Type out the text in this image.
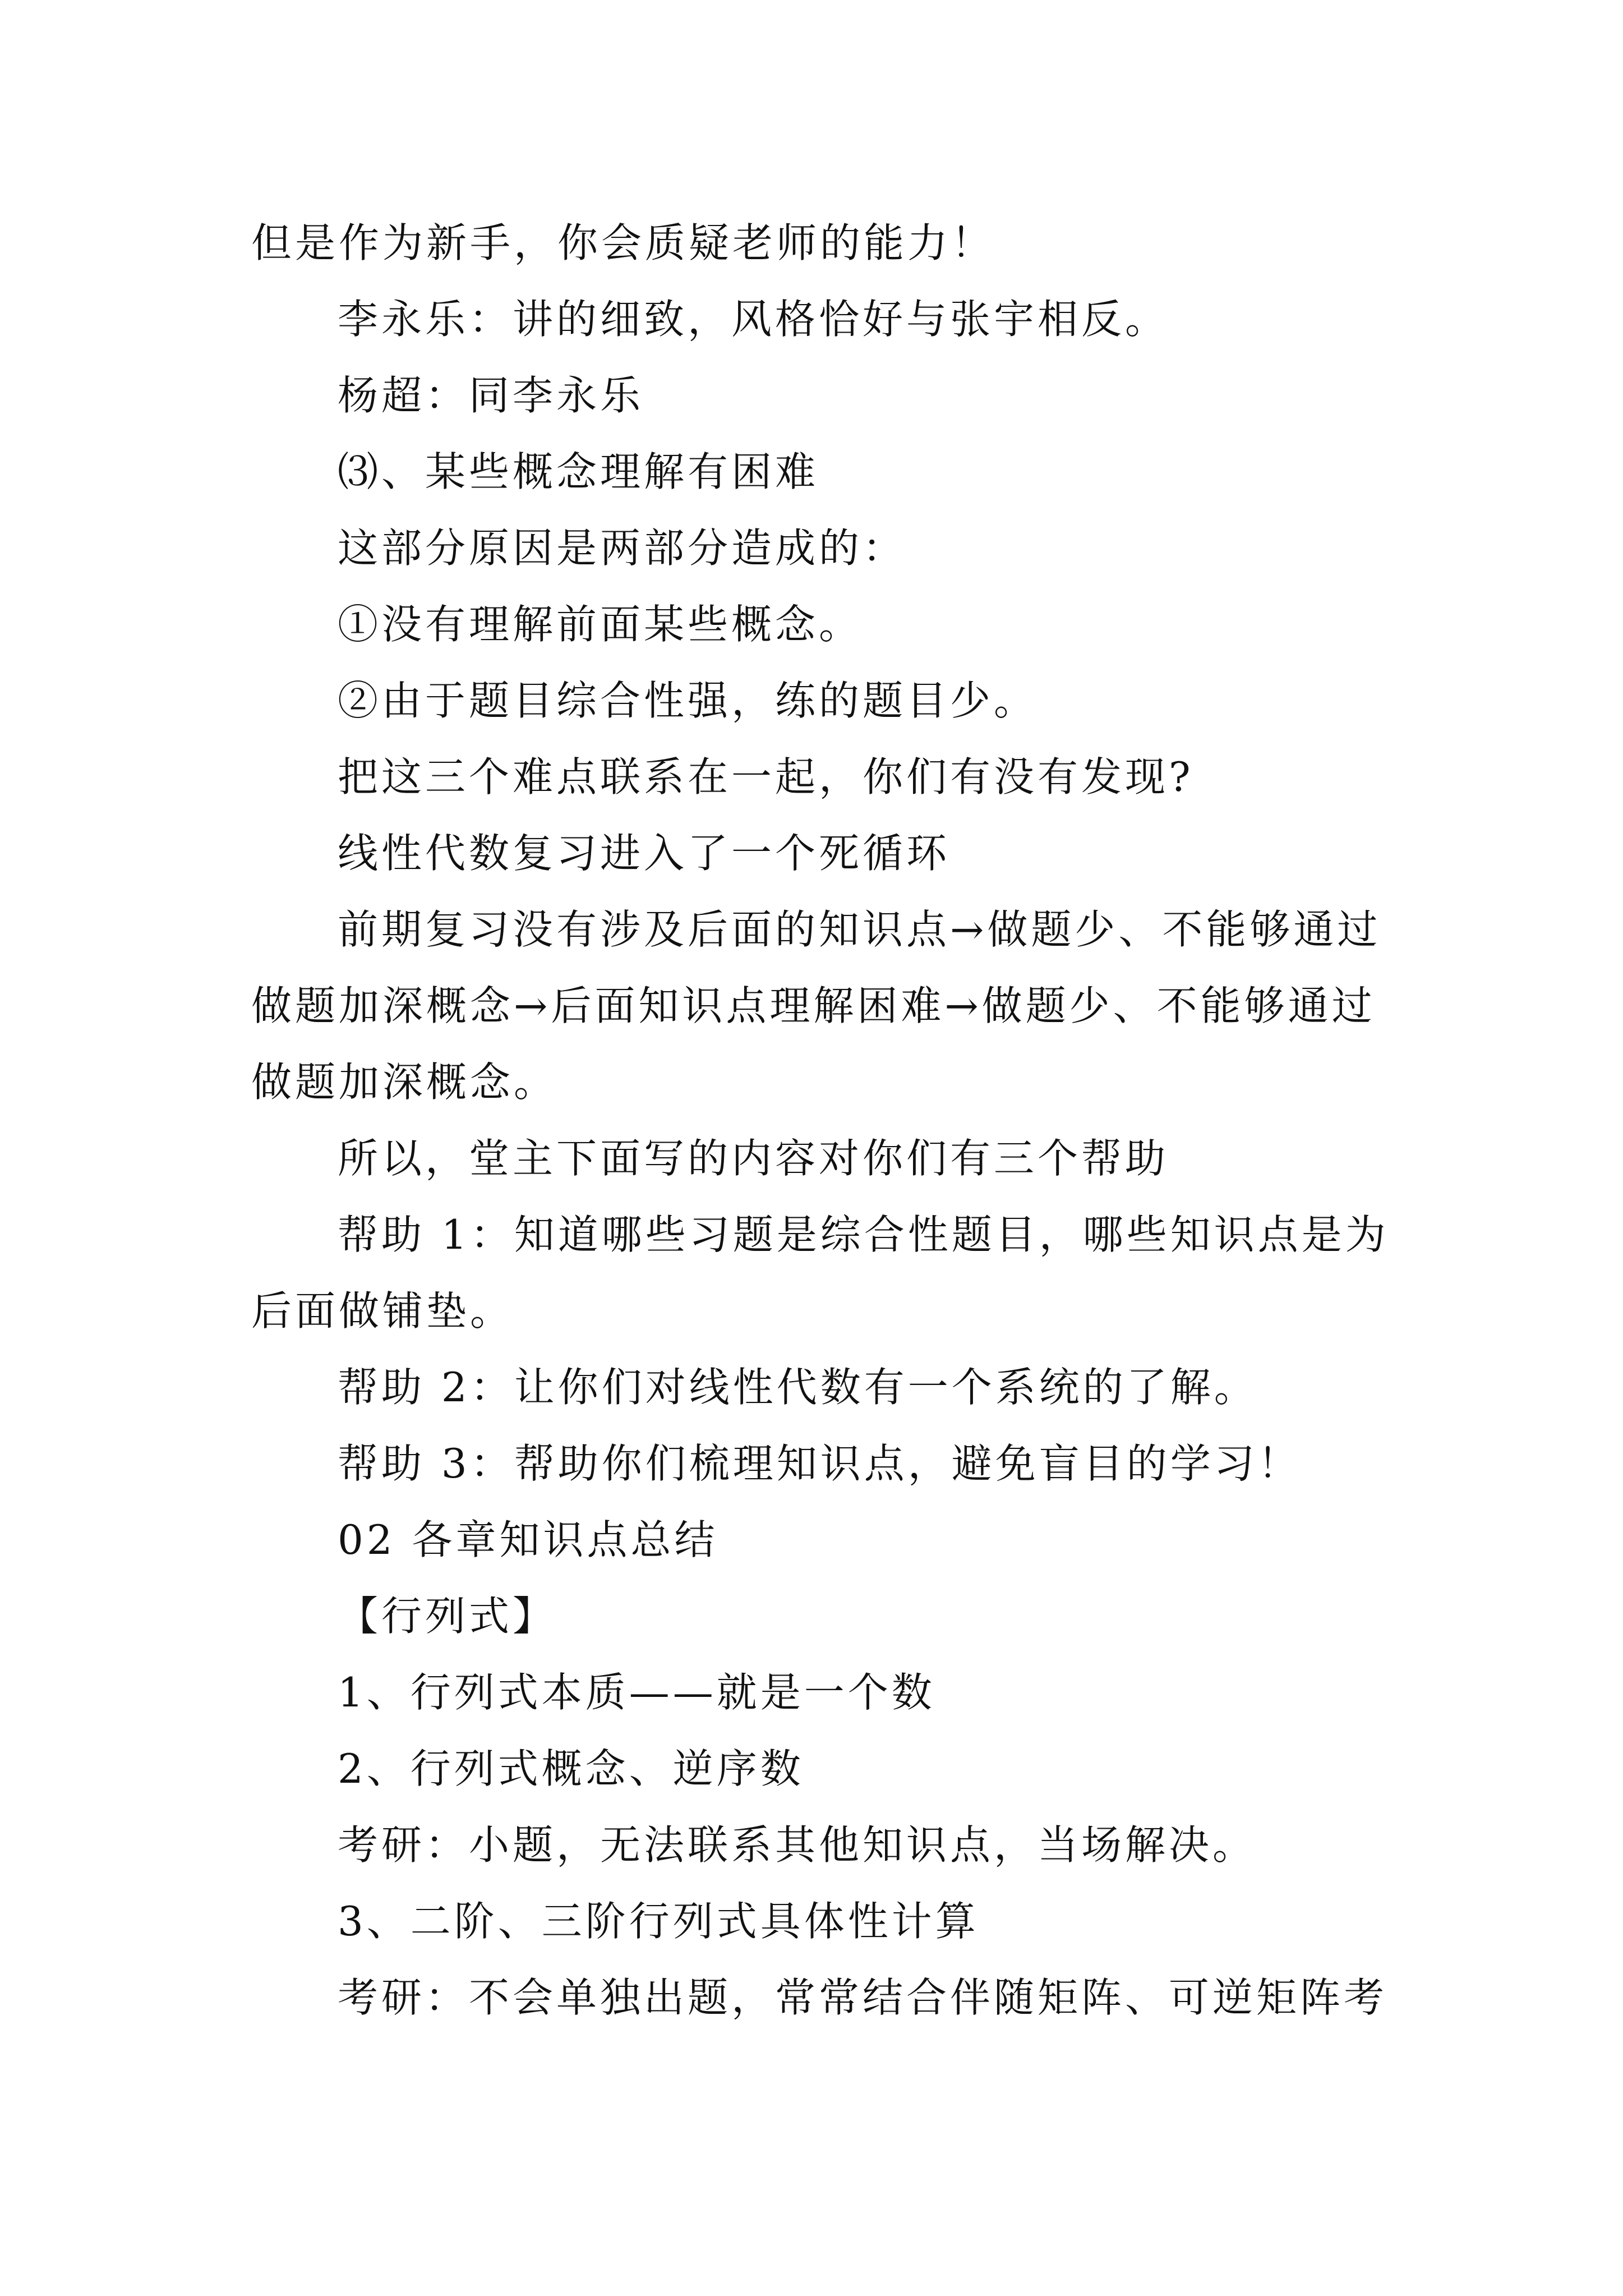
但是作为新手，你会质疑老师的能力！
李永乐：讲的细致，风格恰好与张宇相反。
杨超：同李永乐
⑶、某些概念理解有困难
这部分原因是两部分造成的：
①没有理解前面某些概念。
②由于题目综合性强，练的题目少。
把这三个难点联系在一起，你们有没有发现?
线性代数复习进入了一个死循环
前期复习没有涉及后面的知识点→做题少、不能够通过
做题加深概念→后面知识点理解困难→做题少、不能够通过
做题加深概念。
所以，堂主下面写的内容对你们有三个帮助
帮助 1：知道哪些习题是综合性题目，哪些知识点是为
后面做铺垫。
帮助 2：让你们对线性代数有一个系统的了解。
帮助 3：帮助你们梳理知识点，避免盲目的学习！
02 各章知识点总结
【行列式】
1、行列式本质——就是一个数
2、行列式概念、逆序数
考研：小题，无法联系其他知识点，当场解决。
3、二阶、三阶行列式具体性计算
考研：不会单独出题，常常结合伴随矩阵、可逆矩阵考
